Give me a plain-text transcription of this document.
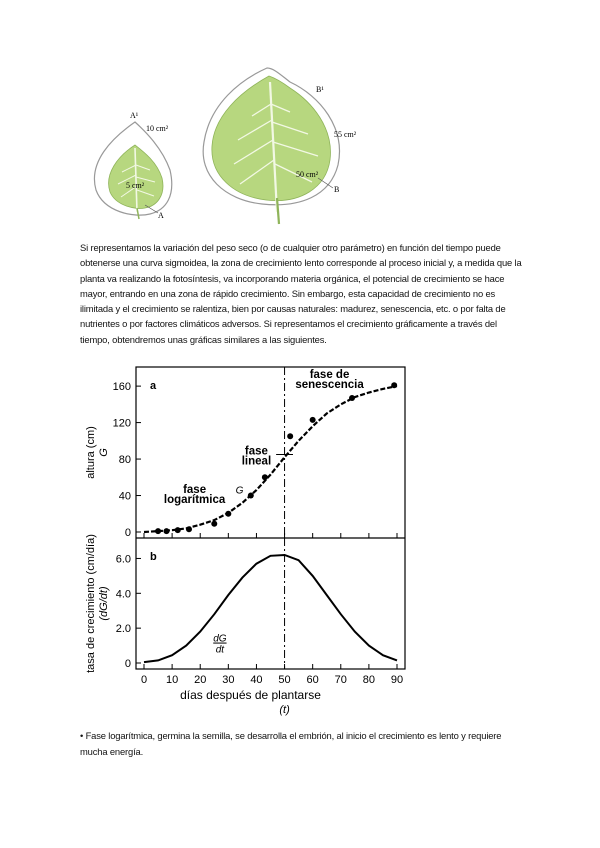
5 cm²
10 cm²
A¹
A
50 cm²
55 cm²
B¹
B

Si representamos la variación del peso seco (o de cualquier otro parámetro) en función del tiempo puede obtenerse una curva sigmoidea, la zona de crecimiento lento corresponde al proceso inicial y, a medida que la planta va realizando la fotosíntesis, va incorporando materia orgánica, el potencial de crecimiento se hace mayor, entrando en una zona de rápido crecimiento. Sin embargo, esta capacidad de crecimiento no es ilimitada y el crecimiento se ralentiza, bien por causas naturales: madurez, senescencia, etc. o por falta de nutrientes o por factores climáticos adversos. Si representamos el crecimiento gráficamente a través del tiempo, obtendremos unas gráficas similares a las siguientes.

0
40
80
120
160 a
altura (cm) G
fase de
senescencia
fase
lineal
fase
logarítmica
G
0
2.0
4.0
6.0 b
tasa de crecimiento (cm/día) (dG/dt)
dG
dt
0 10 20 30 40 50 60 70 80 90
días después de plantarse
(t)

• Fase logarítmica, germina la semilla, se desarrolla el embrión, al inicio el crecimiento es lento y requiere mucha energía.
